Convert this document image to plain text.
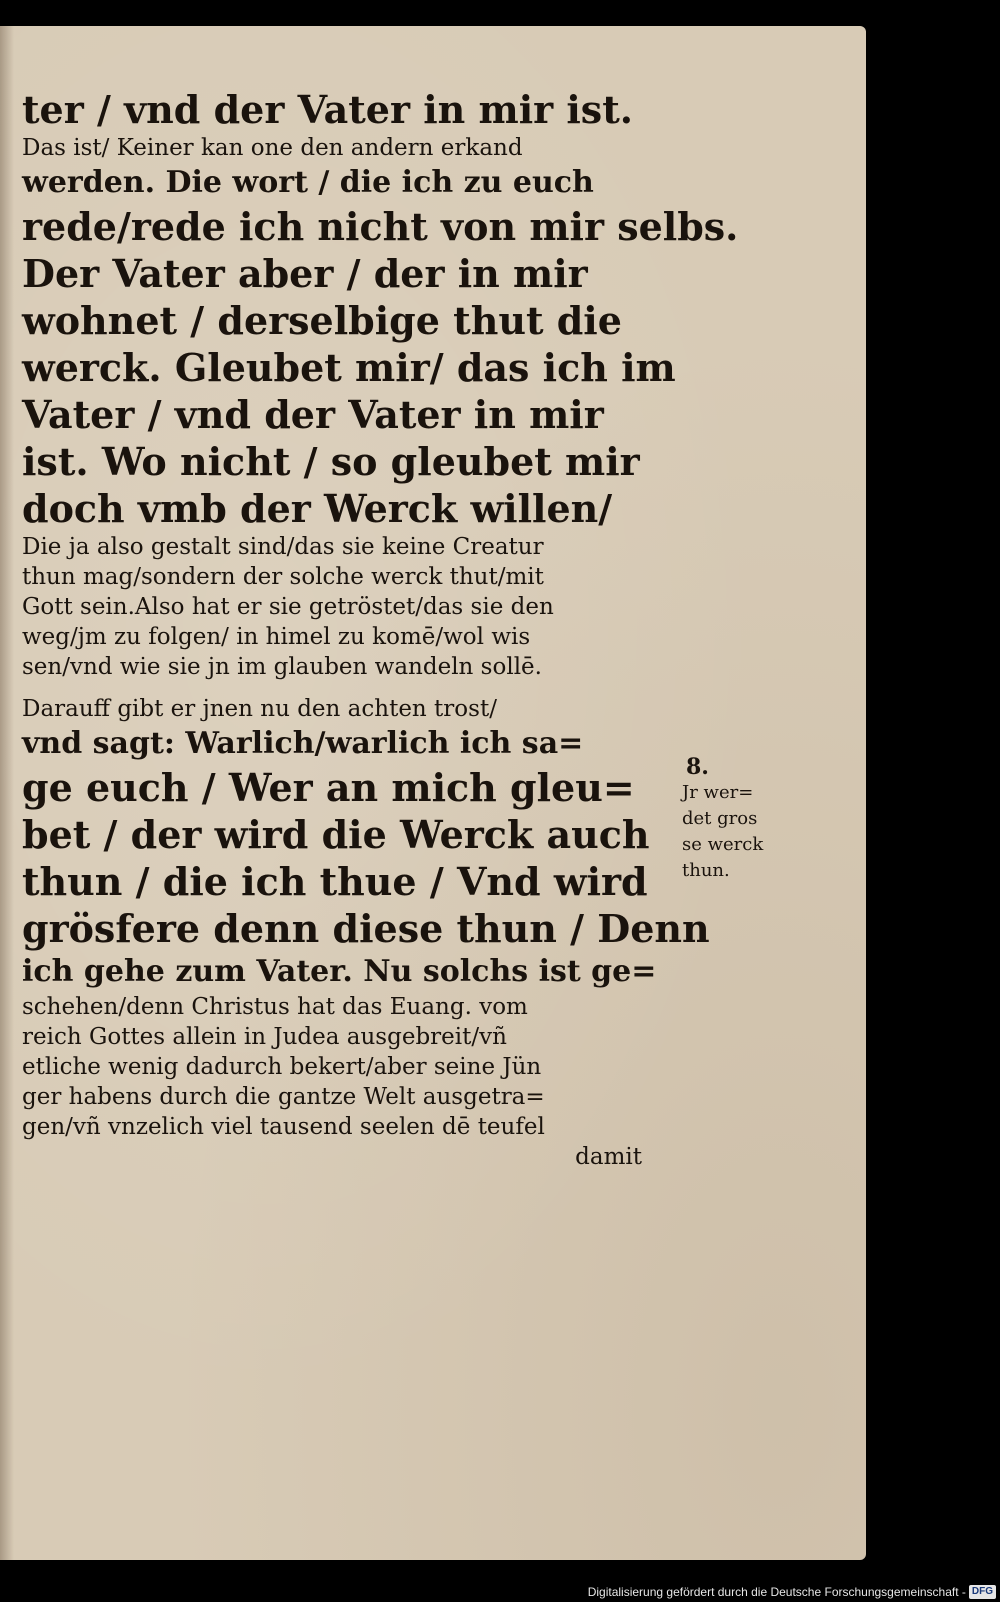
ter / vnd der Vater in mir ist.
Das ist/ Keiner kan one den andern erkand
werden. Die wort / die ich zu euch
rede/rede ich nicht von mir selbs.
Der Vater aber / der in mir
wohnet / derselbige thut die
werck. Gleubet mir/ das ich im
Vater / vnd der Vater in mir
ist. Wo nicht / so gleubet mir
doch vmb der Werck willen/
Die ja also gestalt sind/das sie keine Creatur
thun mag/sondern der solche werck thut/mit
Gott sein.Also hat er sie getröstet/das sie den
weg/jm zu folgen/ in himel zu komē/wol wis
sen/vnd wie sie jn im glauben wandeln sollē.
Darauff gibt er jnen nu den achten trost/
vnd sagt: Warlich/warlich ich sa=
ge euch / Wer an mich gleu=
bet / der wird die Werck auch
thun / die ich thue / Vnd wird
grösfere denn diese thun / Denn
ich gehe zum Vater. Nu solchs ist ge=
schehen/denn Christus hat das Euang. vom
reich Gottes allein in Judea ausgebreit/vñ
etliche wenig dadurch bekert/aber seine Jün
ger habens durch die gantze Welt ausgetra=
gen/vñ vnzelich viel tausend seelen dē teufel
damit
8.
Jr wer=
det gros
se werck
thun.
Digitalisierung gefördert durch die Deutsche Forschungsgemeinschaft - DFG
